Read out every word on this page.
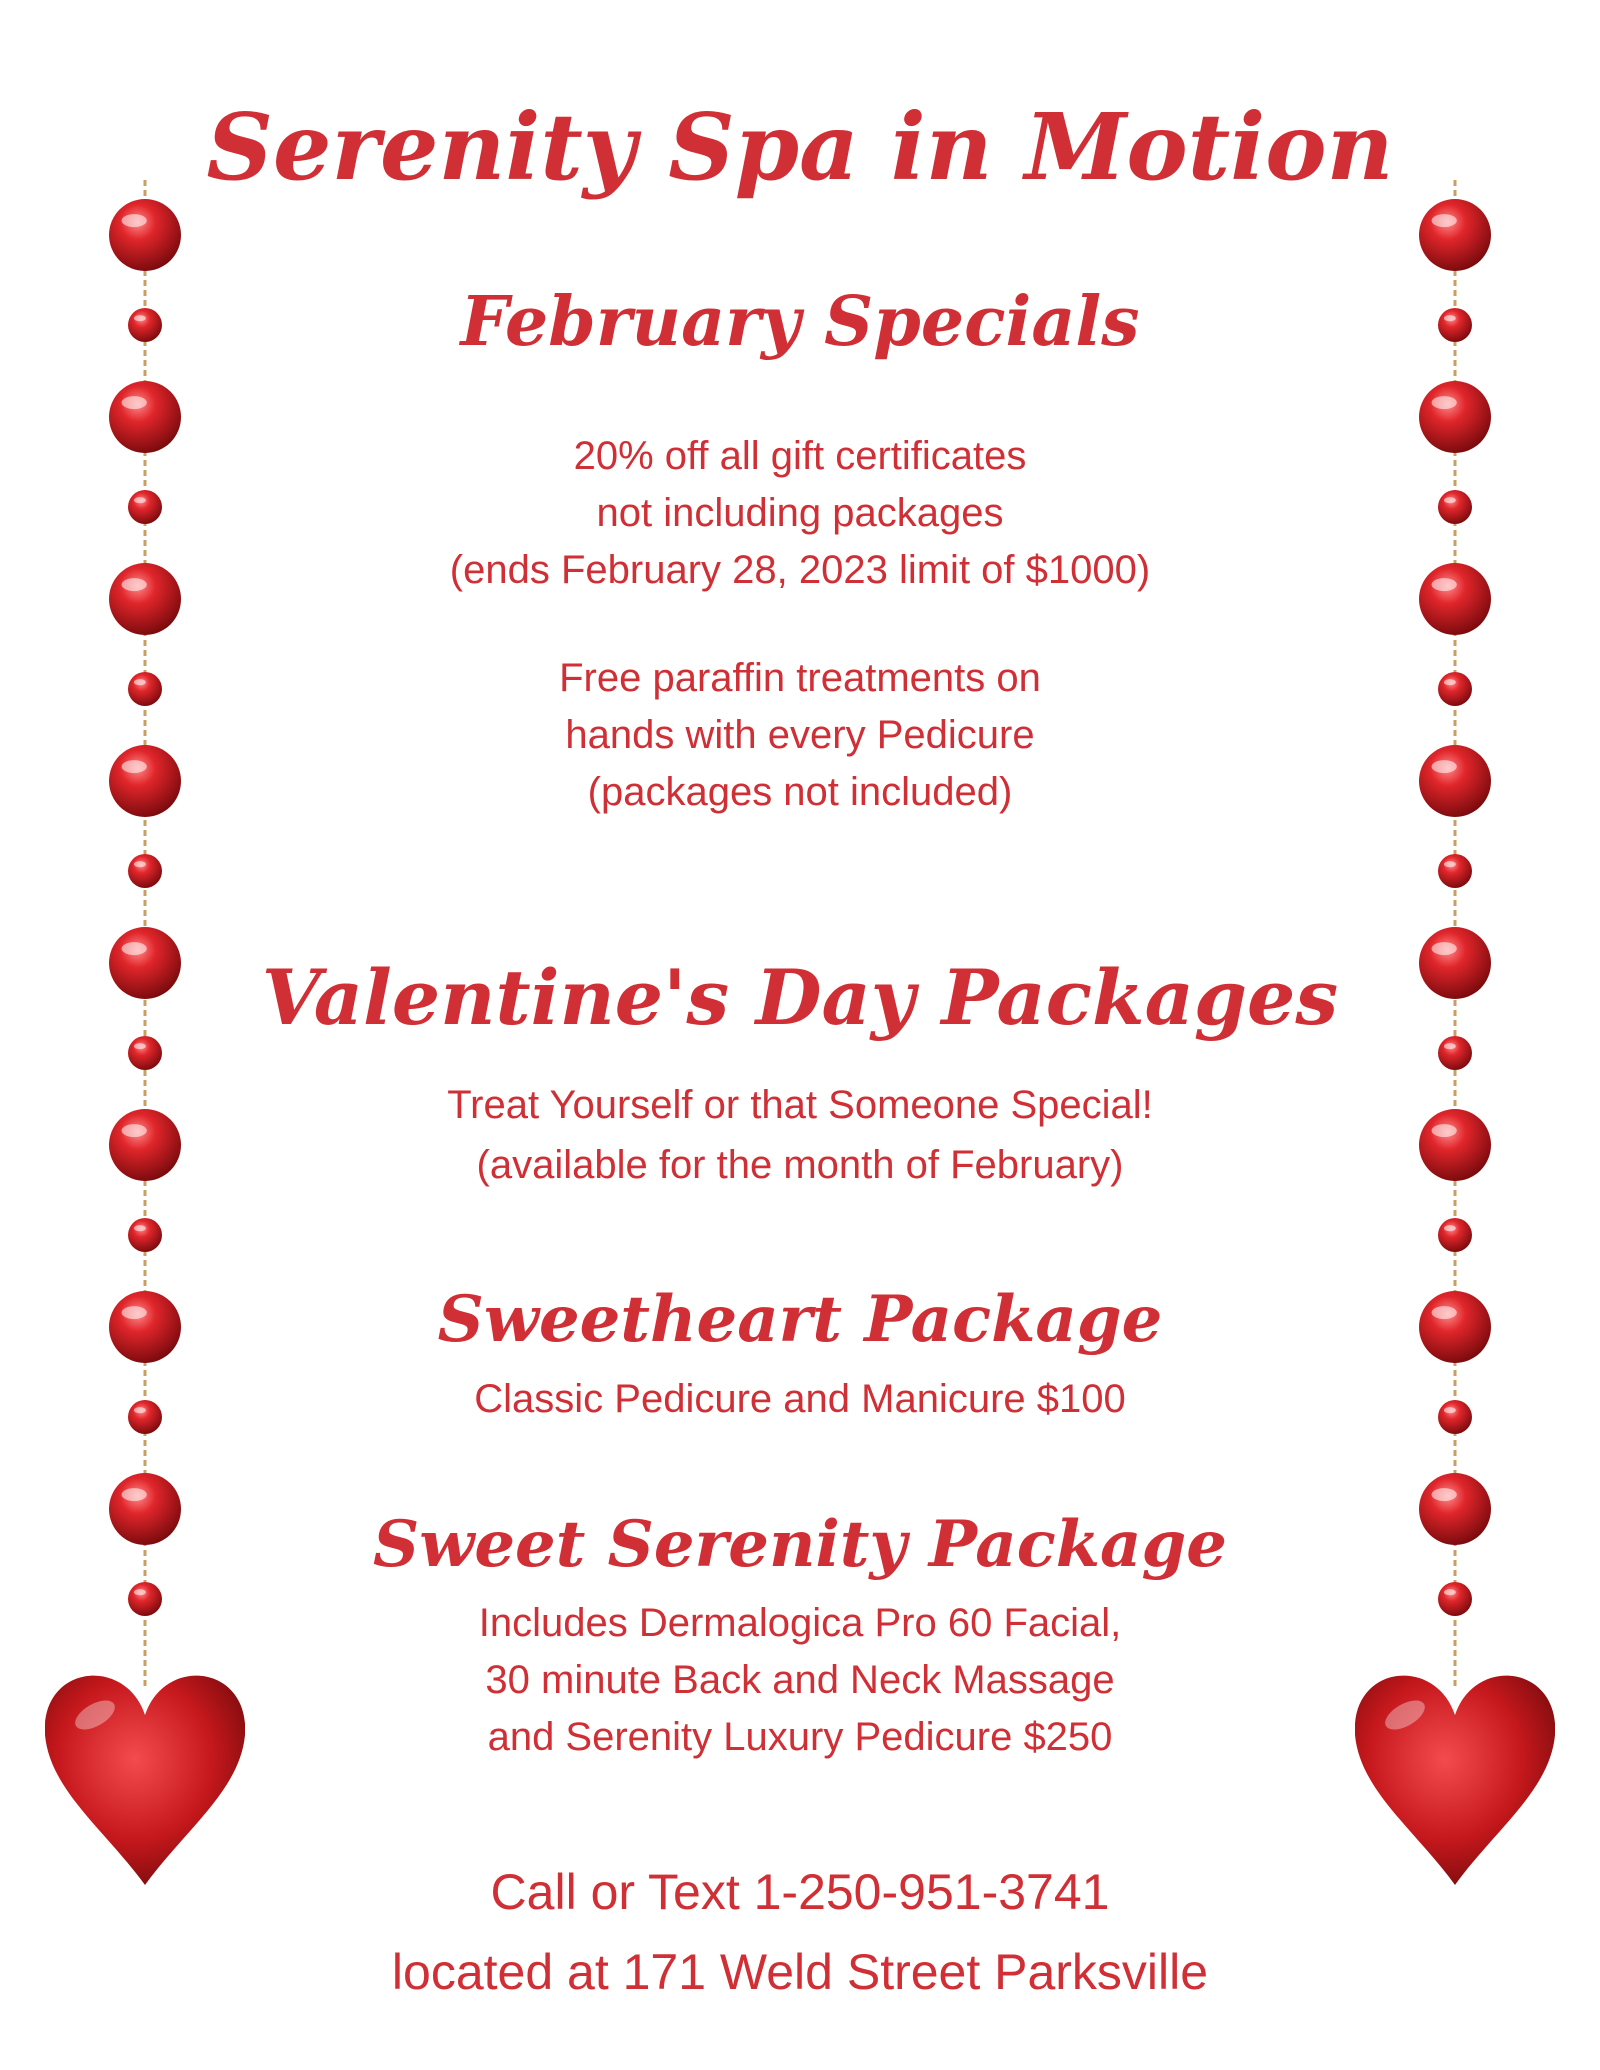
Serenity Spa in Motion
February Specials
20% off all gift certificates
not including packages
(ends February 28, 2023 limit of $1000)
Free paraffin treatments on
hands with every Pedicure
(packages not included)
Valentine's Day Packages
Treat Yourself or that Someone Special!
(available for the month of February)
Sweetheart Package
Classic Pedicure and Manicure $100
Sweet Serenity Package
Includes Dermalogica Pro 60 Facial,
30 minute Back and Neck Massage
and Serenity Luxury Pedicure $250
Call or Text 1-250-951-3741
located at 171 Weld Street Parksville
